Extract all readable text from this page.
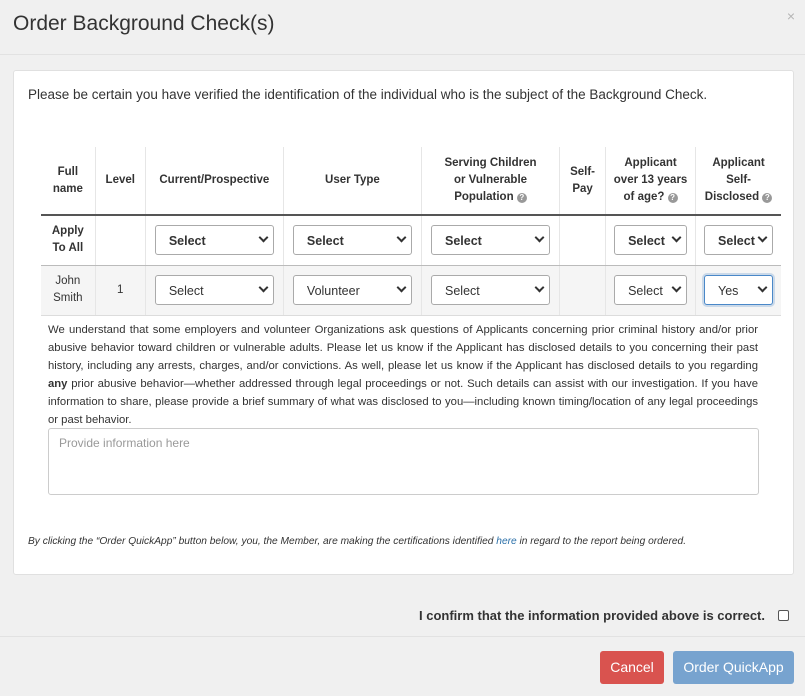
Order Background Check(s)	×

Please be certain you have verified the identification of the individual who is the subject of the Background Check.

Full
name	Level	Current/Prospective	User Type	Serving Children
or Vulnerable
Population ?	Self-
Pay	Applicant
over 13 years
of age? ?	Applicant
Self-
Disclosed ?
Apply
To All		Select	Select	Select		Select	Select

John
Smith	1	Select	Volunteer	Select		Select	Yes

We understand that some employers and volunteer Organizations ask questions of Applicants concerning prior criminal history and/or prior abusive behavior toward children or vulnerable adults. Please let us know if the Applicant has disclosed details to you concerning their past history, including any arrests, charges, and/or convictions. As well, please let us know if the Applicant has disclosed details to you regarding any prior abusive behavior—whether addressed through legal proceedings or not. Such details can assist with our investigation. If you have information to share, please provide a brief summary of what was disclosed to you—including known timing/location of any legal proceedings or past behavior.

Provide information here

By clicking the “Order QuickApp” button below, you, the Member, are making the certifications identified here in regard to the report being ordered.

I confirm that the information provided above is correct.
Cancel	Order QuickApp
